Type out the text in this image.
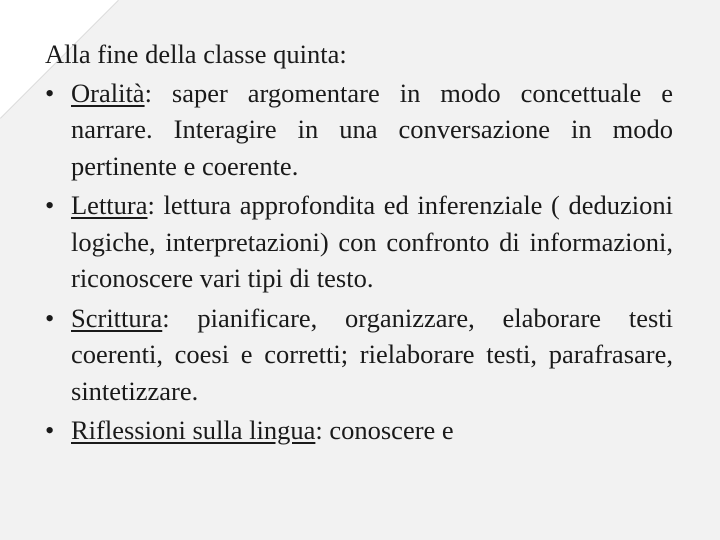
Alla fine della classe quinta:
• Oralità: saper argomentare in modo concettuale e narrare. Interagire in una conversazione in modo pertinente e coerente.
• Lettura: lettura approfondita ed inferenziale ( deduzioni logiche, interpretazioni) con confronto di informazioni, riconoscere vari tipi di testo.
• Scrittura: pianificare, organizzare, elaborare testi coerenti, coesi e corretti; rielaborare testi, parafrasare, sintetizzare.
• Riflessioni sulla lingua: conoscere e
